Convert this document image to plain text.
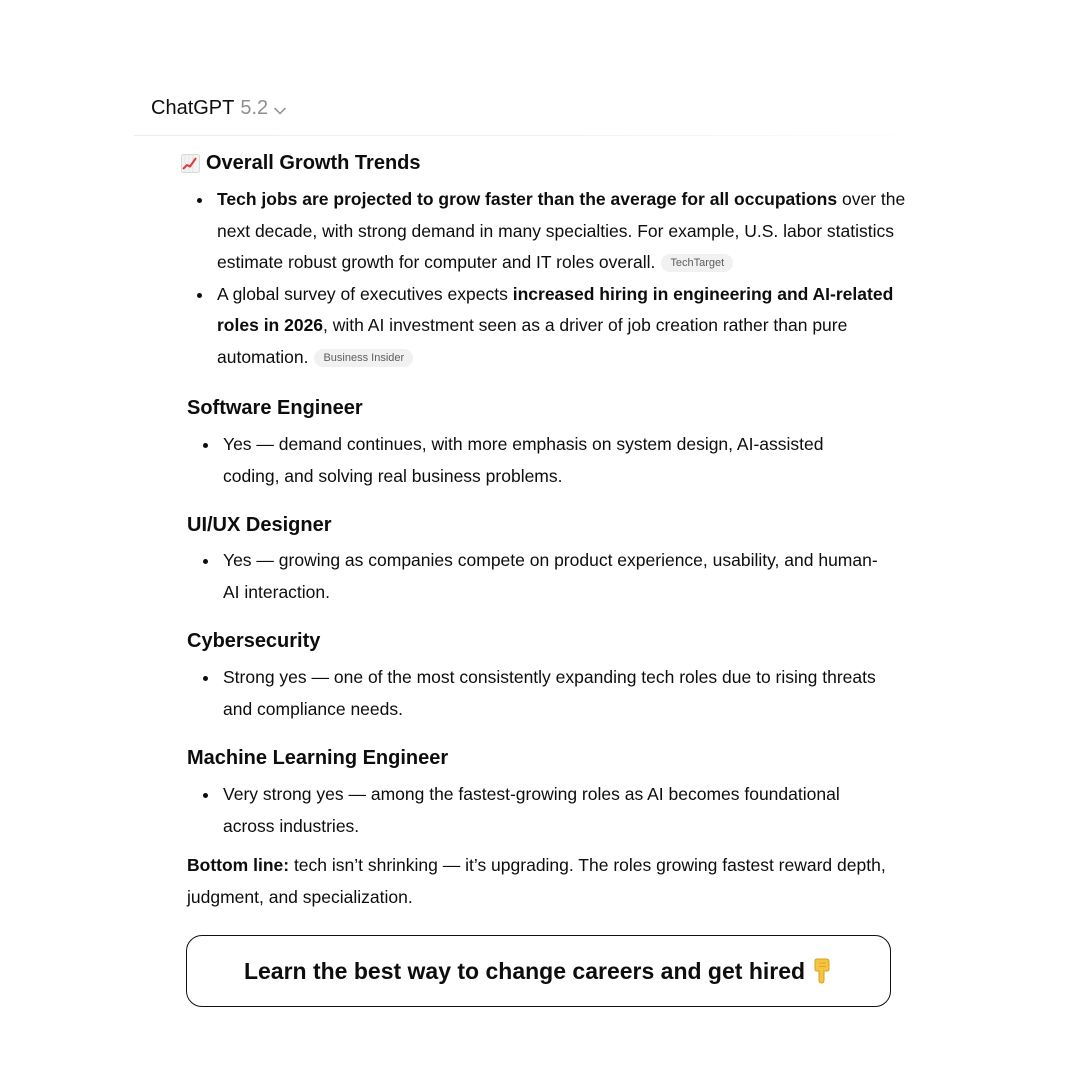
ChatGPT 5.2
Overall Growth Trends
Tech jobs are projected to grow faster than the average for all occupations over the next decade, with strong demand in many specialties. For example, U.S. labor statistics estimate robust growth for computer and IT roles overall. TechTarget
A global survey of executives expects increased hiring in engineering and AI-related roles in 2026, with AI investment seen as a driver of job creation rather than pure automation. Business Insider
Software Engineer
Yes — demand continues, with more emphasis on system design, AI-assisted coding, and solving real business problems.
UI/UX Designer
Yes — growing as companies compete on product experience, usability, and human-AI interaction.
Cybersecurity
Strong yes — one of the most consistently expanding tech roles due to rising threats and compliance needs.
Machine Learning Engineer
Very strong yes — among the fastest-growing roles as AI becomes foundational across industries.

Bottom line: tech isn’t shrinking — it’s upgrading. The roles growing fastest reward depth, judgment, and specialization.

Learn the best way to change careers and get hired
